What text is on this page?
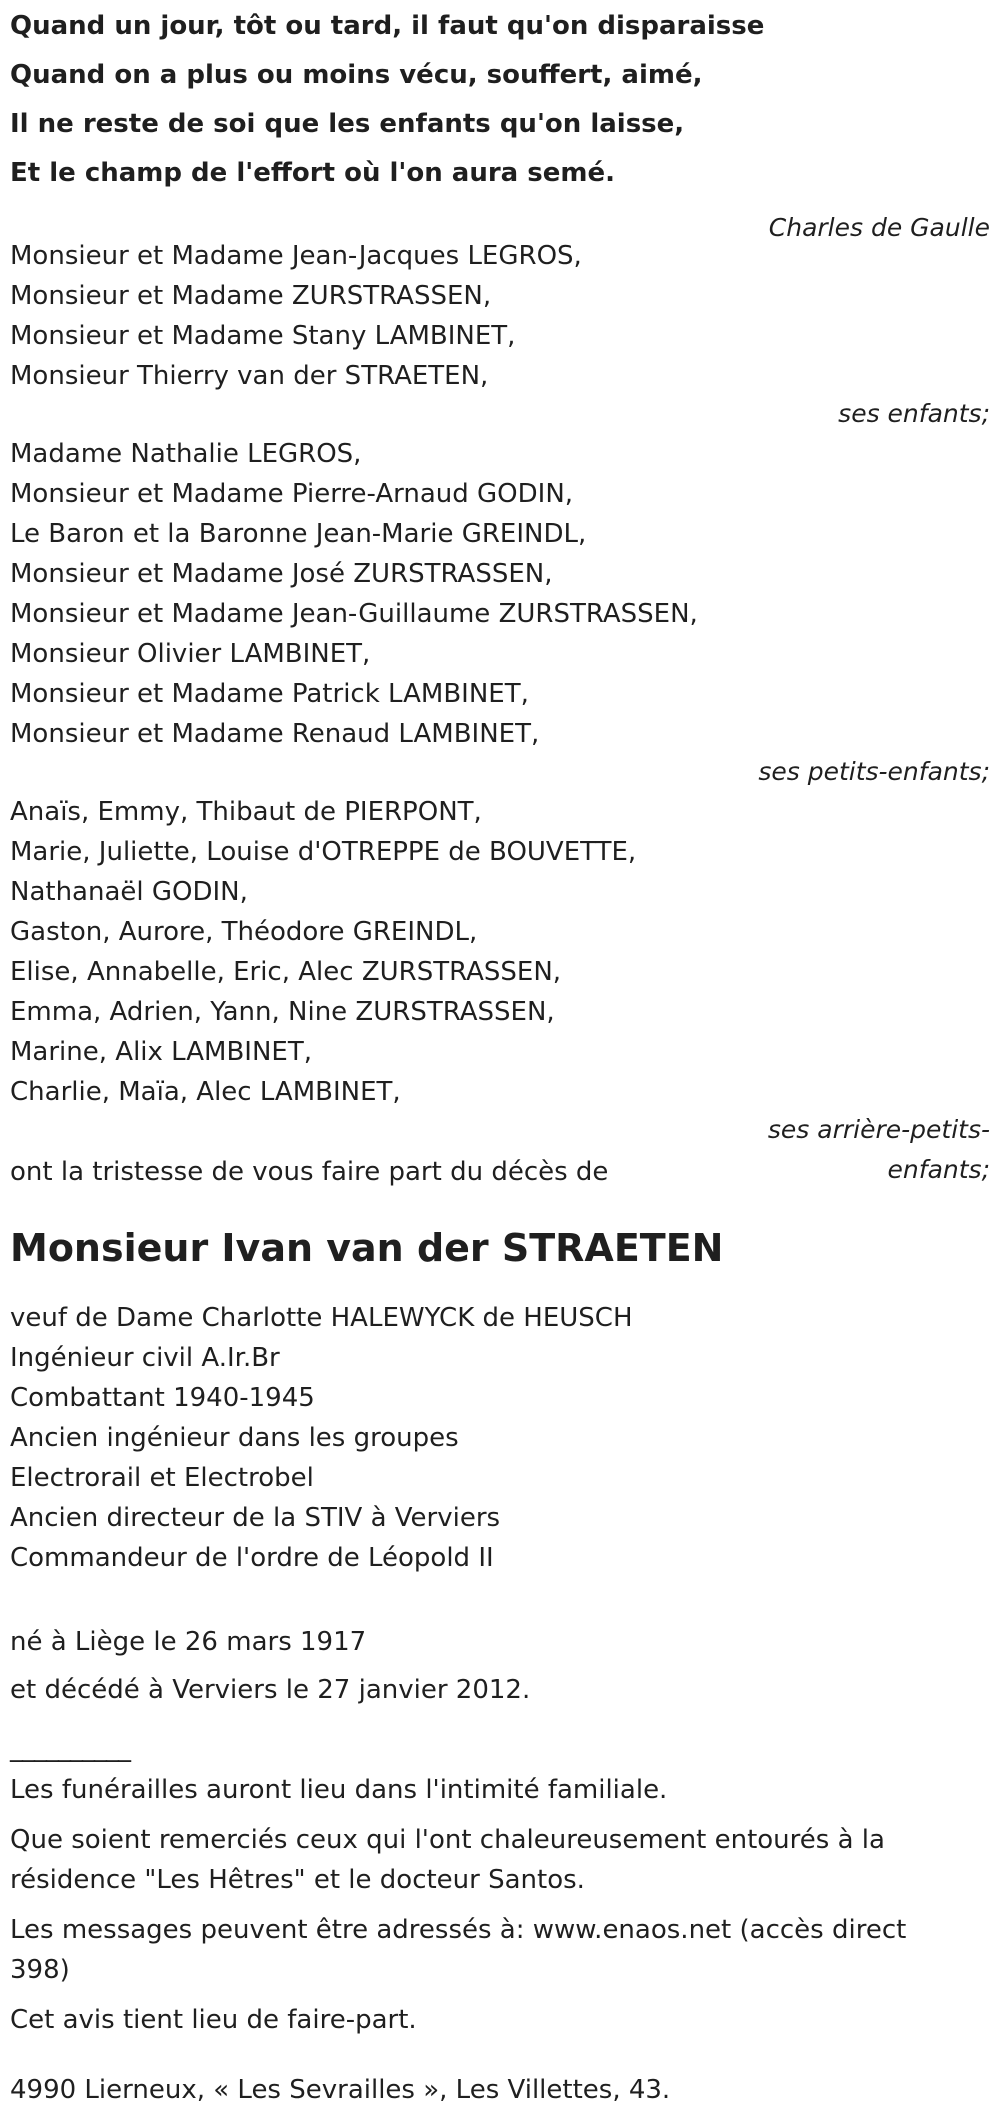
Quand un jour, tôt ou tard, il faut qu'on disparaisse
Quand on a plus ou moins vécu, souffert, aimé,
Il ne reste de soi que les enfants qu'on laisse,
Et le champ de l'effort où l'on aura semé.
Charles de Gaulle
Monsieur et Madame Jean-Jacques LEGROS,
Monsieur et Madame ZURSTRASSEN,
Monsieur et Madame Stany LAMBINET,
Monsieur Thierry van der STRAETEN,
ses enfants;
Madame Nathalie LEGROS,
Monsieur et Madame Pierre-Arnaud GODIN,
Le Baron et la Baronne Jean-Marie GREINDL,
Monsieur et Madame José ZURSTRASSEN,
Monsieur et Madame Jean-Guillaume ZURSTRASSEN,
Monsieur Olivier LAMBINET,
Monsieur et Madame Patrick LAMBINET,
Monsieur et Madame Renaud LAMBINET,
ses petits-enfants;
Anaïs, Emmy, Thibaut de PIERPONT,
Marie, Juliette, Louise d'OTREPPE de BOUVETTE,
Nathanaël GODIN,
Gaston, Aurore, Théodore GREINDL,
Elise, Annabelle, Eric, Alec ZURSTRASSEN,
Emma, Adrien, Yann, Nine ZURSTRASSEN,
Marine, Alix LAMBINET,
Charlie, Maïa, Alec LAMBINET,
ses arrière-petits-
enfants;
ont la tristesse de vous faire part du décès de
Monsieur Ivan van der STRAETEN
veuf de Dame Charlotte HALEWYCK de HEUSCH
Ingénieur civil A.Ir.Br
Combattant 1940-1945
Ancien ingénieur dans les groupes
Electrorail et Electrobel
Ancien directeur de la STIV à Verviers
Commandeur de l'ordre de Léopold II
né à Liège le 26 mars 1917
et décédé à Verviers le 27 janvier 2012.
__________
Les funérailles auront lieu dans l'intimité familiale.
Que soient remerciés ceux qui l'ont chaleureusement entourés à la résidence "Les Hêtres" et le docteur Santos.
Les messages peuvent être adressés à: www.enaos.net (accès direct 398)
Cet avis tient lieu de faire-part.
4990 Lierneux, « Les Sevrailles », Les Villettes, 43.
